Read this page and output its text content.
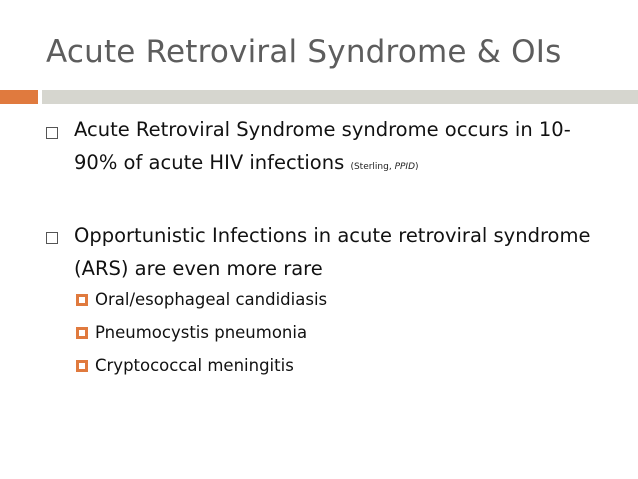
Acute Retroviral Syndrome & OIs

Acute Retroviral Syndrome syndrome occurs in 10-

90% of acute HIV infections (Sterling, PPID)

Opportunistic Infections in acute retroviral syndrome

(ARS) are even more rare

Oral/esophageal candidiasis
Pneumocystis pneumonia
Cryptococcal meningitis
